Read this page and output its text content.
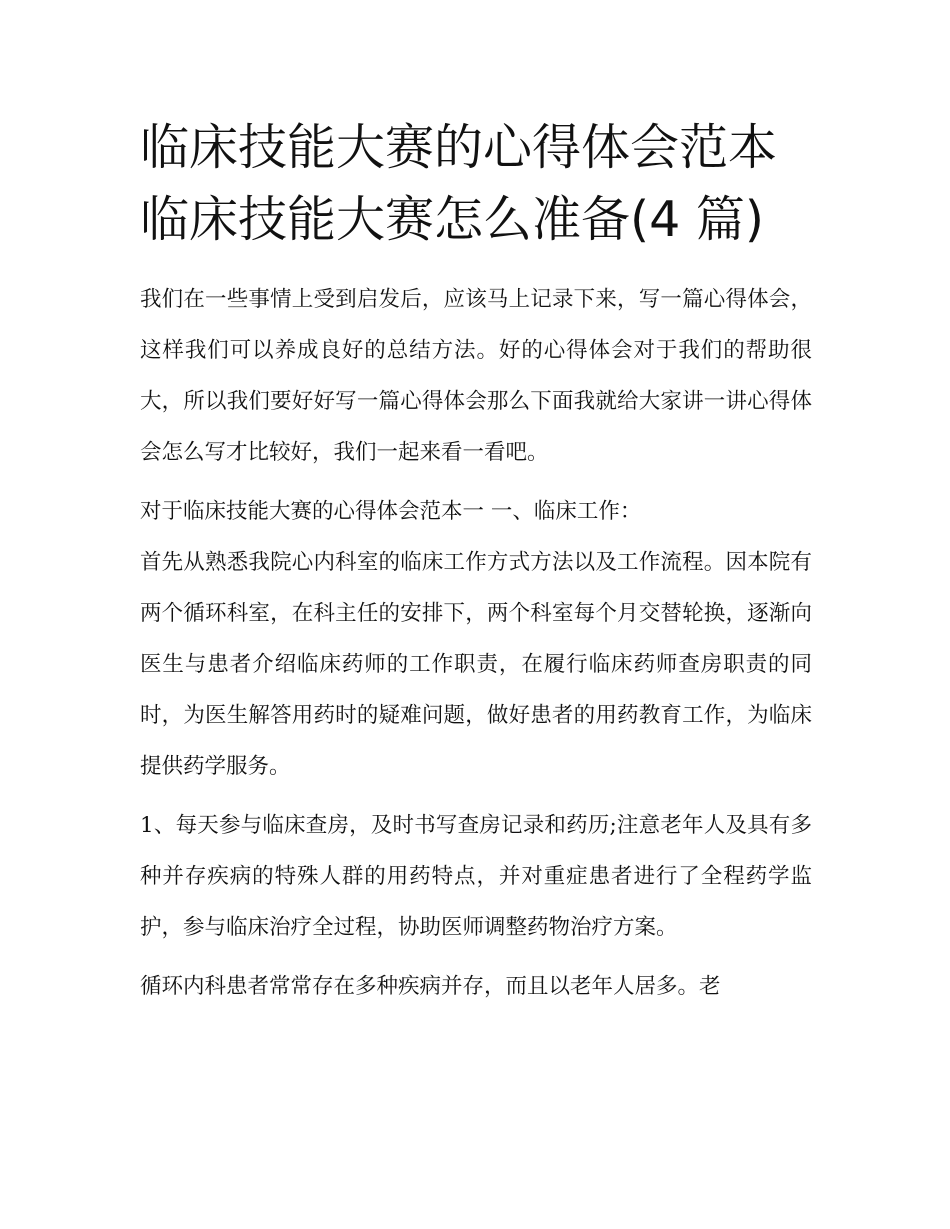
临床技能大赛的心得体会范本
临床技能大赛怎么准备(4 篇)

我们在一些事情上受到启发后，应该马上记录下来，写一篇心得体会，这样我们可以养成良好的总结方法。好的心得体会对于我们的帮助很大，所以我们要好好写一篇心得体会那么下面我就给大家讲一讲心得体会怎么写才比较好，我们一起来看一看吧。

对于临床技能大赛的心得体会范本一 一、临床工作：

首先从熟悉我院心内科室的临床工作方式方法以及工作流程。因本院有两个循环科室，在科主任的安排下，两个科室每个月交替轮换，逐渐向医生与患者介绍临床药师的工作职责，在履行临床药师查房职责的同时，为医生解答用药时的疑难问题，做好患者的用药教育工作，为临床提供药学服务。

1、每天参与临床查房，及时书写查房记录和药历;注意老年人及具有多种并存疾病的特殊人群的用药特点，并对重症患者进行了全程药学监护，参与临床治疗全过程，协助医师调整药物治疗方案。

循环内科患者常常存在多种疾病并存，而且以老年人居多。老
